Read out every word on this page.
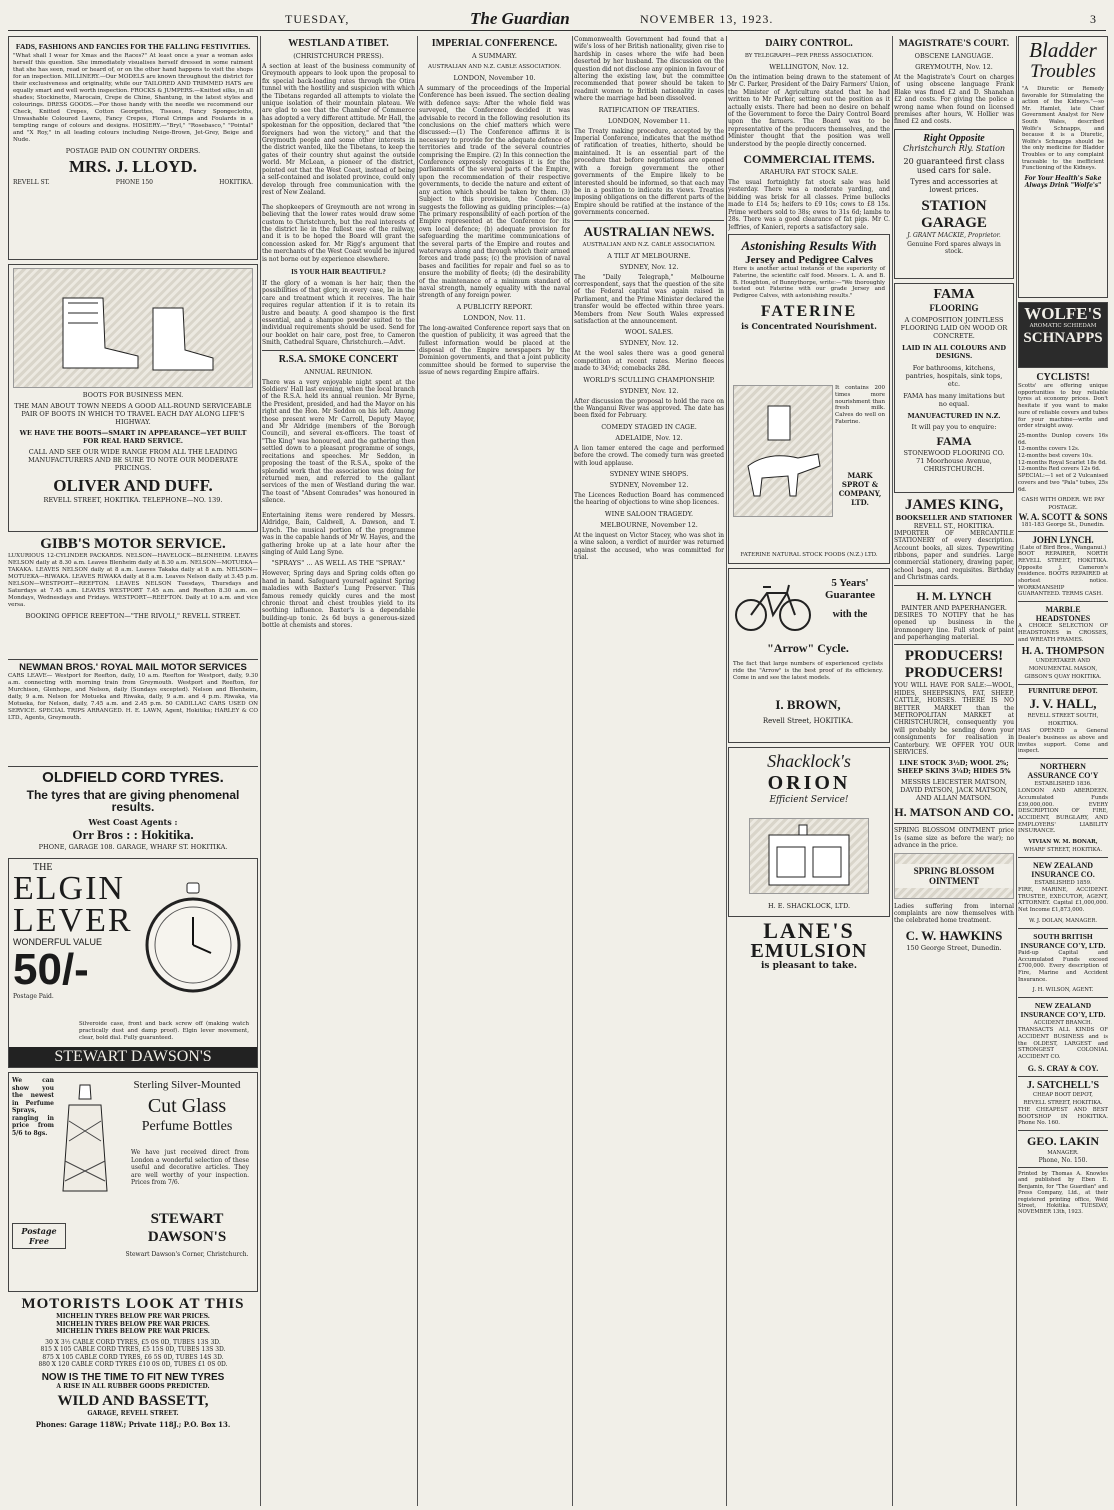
TUESDAY,	The Guardian	NOVEMBER 13, 1923.	3
FADS, FASHIONS AND FANCIES FOR THE FALLING FESTIVITIES.
"What shall I wear for Xmas and the Races?" At least once a year a woman asks herself this question. She immediately visualises herself dressed in some raiment that she has seen, read or heard of, or on the other hand happens to visit the shops for an inspection. MILLINERY.—Our MODELS are known throughout the district for their exclusiveness and originality, while our TAILORED AND TRIMMED HATS are equally smart and well worth inspection. FROCKS & JUMPERS.—Knitted silks, in all shades; Stockinette, Marocain, Crepe de Chine, Shantung, in the latest styles and colourings. DRESS GOODS.—For those handy with the needle we recommend our Check, Knitted Crepes, Cotton Georgettes, Tissues, Fancy Spongecloths, Unwashable Coloured Lawns, Fancy Crepes, Floral Crimps and Foulards in a tempting range of colours and designs. HOSIERY.—"Bryl," "Rosebasco," "Pointal" and "X Roy," in all leading colours including Neige-Brown, Jet-Grey, Beige and Nude.
POSTAGE PAID ON COUNTRY ORDERS.
MRS. J. LLOYD.
REVELL ST.	PHONE 150	HOKITIKA.
BOOTS FOR BUSINESS MEN.
THE MAN ABOUT TOWN NEEDS A GOOD ALL-ROUND SERVICEABLE PAIR OF BOOTS IN WHICH TO TRAVEL EACH DAY ALONG LIFE'S HIGHWAY.
WE HAVE THE BOOTS—SMART IN APPEARANCE—YET BUILT FOR REAL HARD SERVICE.
CALL AND SEE OUR WIDE RANGE FROM ALL THE LEADING MANUFACTURERS AND BE SURE TO NOTE OUR MODERATE PRICINGS.
OLIVER AND DUFF.
REVELL STREET, HOKITIKA. TELEPHONE—NO. 139.
GIBB'S MOTOR SERVICE.
LUXURIOUS 12-CYLINDER PACKARDS. NELSON—HAVELOCK—BLENHEIM. LEAVES NELSON daily at 8.30 a.m. Leaves Blenheim daily at 8.30 a.m. NELSON—MOTUEKA—TAKAKA. LEAVES NELSON daily at 8 a.m. Leaves Takaka daily at 8 a.m. NELSON—MOTUEKA—RIWAKA. LEAVES RIWAKA daily at 8 a.m. Leaves Nelson daily at 3.45 p.m. NELSON—WESTPORT—REEFTON. LEAVES NELSON Tuesdays, Thursdays and Saturdays at 7.45 a.m. LEAVES WESTPORT 7.45 a.m. and Reefton 8.30 a.m. on Mondays, Wednesdays and Fridays. WESTPORT—REEFTON. Daily at 10 a.m. and vice versa.
BOOKING OFFICE REEFTON—"THE RIVOLI," REVELL STREET.
NEWMAN BROS.' ROYAL MAIL MOTOR SERVICES
CARS LEAVE— Westport for Reefton, daily, 10 a.m. Reefton for Westport, daily, 9.30 a.m. connecting with morning train from Greymouth. Westport and Reefton, for Murchison, Glenhope, and Nelson, daily (Sundays excepted). Nelson and Blenheim, daily, 9 a.m. Nelson for Motueka and Riwaka, daily, 9 a.m. and 4 p.m. Riwaka, via Motueka, for Nelson, daily, 7.45 a.m. and 2.45 p.m. 50 CADILLAC CARS USED ON SERVICE. SPECIAL TRIPS ARRANGED. H. E. LAWN, Agent, Hokitika; HARLEY & CO LTD., Agents, Greymouth.
OLDFIELD CORD TYRES.
The tyres that are giving phenomenal results.
West Coast Agents :
Orr Bros : : Hokitika.
PHONE, GARAGE 108. GARAGE, WHARF ST. HOKITIKA.
THE
ELGIN
LEVER
WONDERFUL VALUE
50/-
Postage Paid.
Silveroide case, front and back screw off (making watch practically dust and damp proof). Elgin lever movement, clear, bold dial. Fully guaranteed.
STEWART DAWSON'S
We can show you the newest in Perfume Sprays, ranging in price from 5/6 to 8gs.
Sterling Silver-Mounted
Cut Glass
Perfume Bottles
Postage Free
We have just received direct from London a wonderful selection of these useful and decorative articles. They are well worthy of your inspection. Prices from 7/6.
STEWART
DAWSON'S
Stewart Dawson's Corner, Christchurch.
MOTORISTS LOOK AT THIS
MICHELIN TYRES BELOW PRE WAR PRICES.
MICHELIN TYRES BELOW PRE WAR PRICES.
MICHELIN TYRES BELOW PRE WAR PRICES.
30 X 3½ CABLE CORD TYRES, £5 0S 0D, TUBES 13S 3D.
815 X 105 CABLE CORD TYRES, £5 15S 0D, TUBES 13S 3D.
875 X 105 CABLE CORD TYRES, £6 5S 0D, TUBES 14S 3D.
880 X 120 CABLE CORD TYRES £10 0S 0D, TUBES £1 0S 0D.
NOW IS THE TIME TO FIT NEW TYRES
A RISE IN ALL RUBBER GOODS PREDICTED.
WILD AND BASSETT,
GARAGE, REVELL STREET.
Phones: Garage 118W.; Private 118J.; P.O. Box 13.
WESTLAND A TIBET.
(CHRISTCHURCH PRESS).
A section at least of the business community of Greymouth appears to look upon the proposal to fix special back-loading rates through the Otira tunnel with the hostility and suspicion with which the Tibetans regarded all attempts to violate the unique isolation of their mountain plateau. We are glad to see that the Chamber of Commerce has adopted a very different attitude. Mr Hall, the spokesman for the opposition, declared that "the foreigners had won the victory," and that the Greymouth people and some other interests in the district wanted, like the Tibetans, to keep the gates of their country shut against the outside world. Mr McLean, a pioneer of the district, pointed out that the West Coast, instead of being a self-contained and isolated province, could only develop through free communication with the rest of New Zealand.

The shopkeepers of Greymouth are not wrong in believing that the lower rates would draw some custom to Christchurch, but the real interests of the district lie in the fullest use of the railway, and it is to be hoped the Board will grant the concession asked for. Mr Rigg's argument that the merchants of the West Coast would be injured is not borne out by experience elsewhere.
IS YOUR HAIR BEAUTIFUL?
If the glory of a woman is her hair, then the possibilities of that glory, in every case, lie in the care and treatment which it receives. The hair requires regular attention if it is to retain its lustre and beauty. A good shampoo is the first essential, and a shampoo powder suited to the individual requirements should be used. Send for our booklet on hair care, post free, to Cameron Smith, Cathedral Square, Christchurch.—Advt.
R.S.A. SMOKE CONCERT
ANNUAL REUNION.
There was a very enjoyable night spent at the Soldiers' Hall last evening, when the local branch of the R.S.A. held its annual reunion. Mr Byrne, the President, presided, and had the Mayor on his right and the Hon. Mr Seddon on his left. Among those present were Mr Carroll, Deputy Mayor, and Mr Aldridge (members of the Borough Council), and several ex-officers. The toast of "The King" was honoured, and the gathering then settled down to a pleasant programme of songs, recitations and speeches. Mr Seddon, in proposing the toast of the R.S.A., spoke of the splendid work that the association was doing for returned men, and referred to the gallant services of the men of Westland during the war. The toast of "Absent Comrades" was honoured in silence.

Entertaining items were rendered by Messrs. Aldridge, Bain, Caldwell, A. Dawson, and T. Lynch. The musical portion of the programme was in the capable hands of Mr W. Hayes, and the gathering broke up at a late hour after the singing of Auld Lang Syne.
"SPRAYS" ... AS WELL AS THE "SPRAY."
However, Spring days and Spring colds often go hand in hand. Safeguard yourself against Spring maladies with Baxter's Lung Preserver. This famous remedy quickly cures and the most chronic throat and chest troubles yield to its soothing influence. Baxter's is a dependable building-up tonic. 2s 6d buys a generous-sized bottle at chemists and stores.
IMPERIAL CONFERENCE.
A SUMMARY.
AUSTRALIAN AND N.Z. CABLE ASSOCIATION.
LONDON, November 10.
A summary of the proceedings of the Imperial Conference has been issued. The section dealing with defence says: After the whole field was surveyed, the Conference decided it was advisable to record in the following resolution its conclusions on the chief matters which were discussed:—(1) The Conference affirms it is necessary to provide for the adequate defence of territories and trade of the several countries comprising the Empire. (2) In this connection the Conference expressly recognises it is for the parliaments of the several parts of the Empire, upon the recommendation of their respective governments, to decide the nature and extent of any action which should be taken by them. (3) Subject to this provision, the Conference suggests the following as guiding principles:—(a) The primary responsibility of each portion of the Empire represented at the Conference for its own local defence; (b) adequate provision for safeguarding the maritime communications of the several parts of the Empire and routes and waterways along and through which their armed forces and trade pass; (c) the provision of naval bases and facilities for repair and fuel so as to ensure the mobility of fleets; (d) the desirability of the maintenance of a minimum standard of naval strength, namely equality with the naval strength of any foreign power.
A PUBLICITY REPORT.
LONDON, Nov. 11.
The long-awaited Conference report says that on the question of publicity, it was agreed that the fullest information would be placed at the disposal of the Empire newspapers by the Dominion governments, and that a joint publicity committee should be formed to supervise the issue of news regarding Empire affairs.
Commonwealth Government had found that a wife's loss of her British nationality, given rise to hardship in cases where the wife had been deserted by her husband. The discussion on the question did not disclose any opinion in favour of altering the existing law, but the committee recommended that power should be taken to readmit women to British nationality in cases where the marriage had been dissolved.
RATIFICATION OF TREATIES.
LONDON, November 11.
The Treaty making procedure, accepted by the Imperial Conference, indicates that the method of ratification of treaties, hitherto, should be maintained. It is an essential part of the procedure that before negotiations are opened with a foreign government the other governments of the Empire likely to be interested should be informed, so that each may be in a position to indicate its views. Treaties imposing obligations on the different parts of the Empire should be ratified at the instance of the governments concerned.
AUSTRALIAN NEWS.
AUSTRALIAN AND N.Z. CABLE ASSOCIATION.
A TILT AT MELBOURNE.
SYDNEY, Nov. 12.
The "Daily Telegraph," Melbourne correspondent, says that the question of the site of the Federal capital was again raised in Parliament, and the Prime Minister declared the transfer would be effected within three years. Members from New South Wales expressed satisfaction at the announcement.
WOOL SALES.
SYDNEY, Nov. 12.
At the wool sales there was a good general competition at recent rates. Merino fleeces made to 34½d; comebacks 28d.
WORLD'S SCULLING CHAMPIONSHIP.
SYDNEY, Nov. 12.
After discussion the proposal to hold the race on the Wanganui River was approved. The date has been fixed for February.
COMEDY STAGED IN CAGE.
ADELAIDE, Nov. 12.
A lion tamer entered the cage and performed before the crowd. The comedy turn was greeted with loud applause.
SYDNEY WINE SHOPS.
SYDNEY, November 12.
The Licences Reduction Board has commenced the hearing of objections to wine shop licences.
WINE SALOON TRAGEDY.
MELBOURNE, November 12.
At the inquest on Victor Stacey, who was shot in a wine saloon, a verdict of murder was returned against the accused, who was committed for trial.
DAIRY CONTROL.
BY TELEGRAPH—PER PRESS ASSOCIATION.
WELLINGTON, Nov. 12.
On the intimation being drawn to the statement of Mr C. Parker, President of the Dairy Farmers' Union, the Minister of Agriculture stated that he had written to Mr Parker, setting out the position as it actually exists. There had been no desire on behalf of the Government to force the Dairy Control Board upon the farmers. The Board was to be representative of the producers themselves, and the Minister thought that the position was well understood by the people directly concerned.
COMMERCIAL ITEMS.
ARAHURA FAT STOCK SALE.
The usual fortnightly fat stock sale was held yesterday. There was a moderate yarding, and bidding was brisk for all classes. Prime bullocks made to £14 5s; heifers to £9 10s; cows to £8 15s. Prime wethers sold to 38s; ewes to 31s 6d; lambs to 28s. There was a good clearance of fat pigs. Mr C. Jeffries, of Kanieri, reports a satisfactory sale.
Astonishing Results With
Jersey and Pedigree Calves
Here is another actual instance of the superiority of Faterine, the scientific calf food. Messrs. L. A. and B. B. Houghton, of Bunnythorpe, write:—"We thoroughly tested out Faterine with our grade Jersey and Pedigree Calves, with astonishing results."
FATERINE
is Concentrated Nourishment.
It contains 200 times more nourishment than fresh milk. Calves do well on Faterine.
MARK SPROT & COMPANY, LTD.
FATERINE NATURAL STOCK FOODS (N.Z.) LTD.
5 Years' Guarantee
with the
"Arrow" Cycle.
The fact that large numbers of experienced cyclists ride the "Arrow" is the best proof of its efficiency. Come in and see the latest models.
I. BROWN,
Revell Street, HOKITIKA.
Shacklock's
ORION
Efficient Service!
H. E. SHACKLOCK, LTD.
LANE'S
EMULSION
is pleasant to take.
MAGISTRATE'S COURT.
OBSCENE LANGUAGE.
GREYMOUTH, Nov. 12.
At the Magistrate's Court on charges of using obscene language Frank Blake was fined £2 and D. Shanahan £2 and costs. For giving the police a wrong name when found on licensed premises after hours, W. Hollier was fined £2 and costs.
Right Opposite
Christchurch Rly. Station
20 guaranteed first class used cars for sale.
Tyres and accessories at lowest prices.
STATION GARAGE
J. GRANT MACKIE, Proprietor.
Genuine Ford spares always in stock.
FAMA
FLOORING
A COMPOSITION JOINTLESS FLOORING LAID ON WOOD OR CONCRETE.
LAID IN ALL COLOURS AND DESIGNS.
For bathrooms, kitchens, pantries, hospitals, sink tops, etc.
FAMA has many imitations but no equal.
MANUFACTURED IN N.Z.
It will pay you to enquire:
FAMA
STONEWOOD FLOORING CO.
71 Moorhouse Avenue, CHRISTCHURCH.
JAMES KING,
BOOKSELLER AND STATIONER
REVELL ST., HOKITIKA.
IMPORTER OF MERCANTILE STATIONERY of every description. Account books, all sizes. Typewriting ribbons, paper and sundries. Large commercial stationery, drawing paper, school bags, and requisites. Birthday and Christmas cards.
H. M. LYNCH
PAINTER AND PAPERHANGER.
DESIRES TO NOTIFY that he has opened up business in the ironmongery line. Full stock of paint and paperhanging material.
PRODUCERS!
PRODUCERS!
YOU WILL HAVE FOR SALE:—WOOL, HIDES, SHEEPSKINS, FAT, SHEEP, CATTLE, HORSES. THERE IS NO BETTER MARKET than the METROPOLITAN MARKET at CHRISTCHURCH, consequently you will probably be sending down your consignments for realisation in Canterbury. WE OFFER YOU OUR SERVICES.
LINE STOCK 3½D; WOOL 2%; SHEEP SKINS 3¼D; HIDES 5%
MESSRS LEICESTER MATSON, DAVID PATSON, JACK MATSON, AND ALLAN MATSON.
H. MATSON AND CO.
SPRING BLOSSOM OINTMENT price 1s (same size as before the war); no advance in the price.
SPRING BLOSSOM OINTMENT
Ladies suffering from internal complaints are now themselves with the celebrated home treatment.
C. W. HAWKINS
150 George Street, Dunedin.
Bladder
Troubles
"A Diuretic or Remedy favorable for Stimulating the action of the Kidneys."—so Mr. Hamlet, late Chief Government Analyst for New South Wales, described Wolfe's Schnapps, and because it is a Diuretic, Wolfe's Schnapps should be the only medicine for Bladder Troubles or to any complaint traceable to the inefficient Functioning of the Kidneys.
For Your Health's Sake Always Drink "Wolfe's"
WOLFE'S
AROMATIC SCHIEDAM
SCHNAPPS
CYCLISTS!
Scotts' are offering unique opportunities to buy reliable tyres at economy prices. Don't hesitate if you want to make sure of reliable covers and tubes for your machine—write and order straight away.
25-months Dunlop covers 16s 6d.
12-months covers 12s.
12-months best covers 10s.
12-months Royal Scarlet 18s 6d.
12-months Red covers 12s 6d.
SPECIAL:—1 set of 2 Vulcanised covers and two "Pala" tubes, 25s 6d.
CASH WITH ORDER. WE PAY POSTAGE.
W. A. SCOTT & SONS
181-183 George St., Dunedin.
JOHN LYNCH.
(Late of Bird Bros., Wanganui.)
BOOT REPAIRER, NORTH REVELL STREET, HOKITIKA. Opposite J. Cameron's residence. BOOTS REPAIRED at shortest notice. WORKMANSHIP GUARANTEED. TERMS CASH.
MARBLE HEADSTONES
A CHOICE SELECTION OF HEADSTONES in CROSSES, and WREATH FRAMES.
H. A. THOMPSON
UNDERTAKER AND MONUMENTAL MASON,
GIBSON'S QUAY HOKITIKA.
FURNITURE DEPOT.
J. V. HALL,
REVELL STREET SOUTH, HOKITIKA.
HAS OPENED a General Dealer's business as above and invites support. Come and inspect.
NORTHERN ASSURANCE CO'Y
ESTABLISHED 1836.
LONDON AND ABERDEEN. Accumulated Funds £39,000,000. EVERY DESCRIPTION OF FIRE, ACCIDENT, BURGLARY, AND EMPLOYERS' LIABILITY INSURANCE.
VIVIAN W. M. BONAR,
WHARF STREET, HOKITIKA.
NEW ZEALAND INSURANCE CO.
ESTABLISHED 1859.
FIRE, MARINE, ACCIDENT. TRUSTEE, EXECUTOR, AGENT, ATTORNEY. Capital £1,000,000. Net Income £1,873,000.
W. J. DOLAN, MANAGER.
SOUTH BRITISH INSURANCE CO'Y, LTD.
Paid-up Capital and Accumulated Funds exceed £700,000. Every description of Fire, Marine and Accident Insurance.
J. H. WILSON, AGENT.
NEW ZEALAND INSURANCE CO'Y, LTD.
ACCIDENT BRANCH.
TRANSACTS ALL KINDS OF ACCIDENT BUSINESS and is the OLDEST, LARGEST and STRONGEST COLONIAL ACCIDENT CO.
G. S. CRAY & COY.
J. SATCHELL'S
CHEAP BOOT DEPOT,
REVELL STREET, HOKITIKA.
THE CHEAPEST AND BEST BOOTSHOP IN HOKITIKA. Phone No. 160.
GEO. LAKIN
MANAGER.
Phone, No. 150.
Printed by Thomas A. Knowles and published by Eben E. Benjamin, for "The Guardian" and Press Company, Ltd., at their registered printing office, Weld Street, Hokitika. TUESDAY, NOVEMBER 13th, 1923.
